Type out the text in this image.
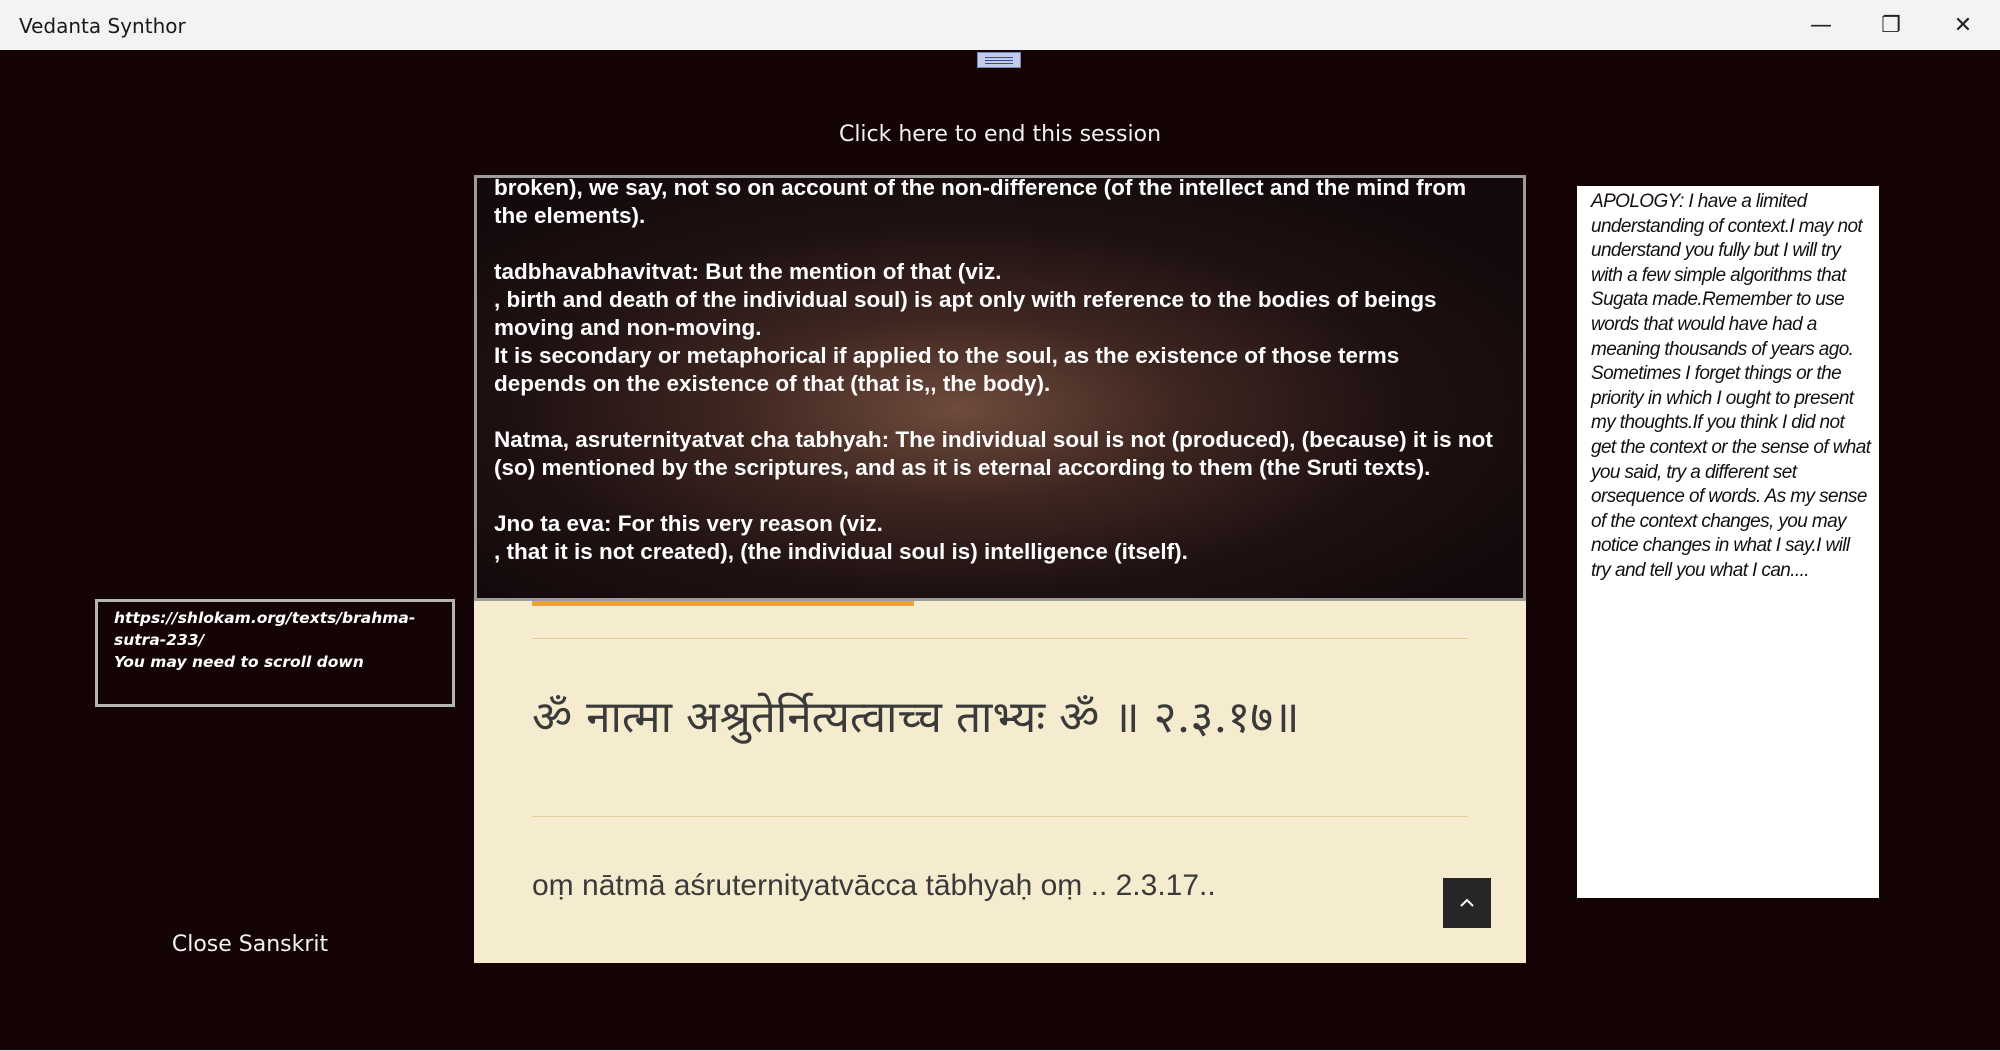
Vedanta Synthor	— ❐ ✕
Click here to end this session
ॐ नात्मा अश्रुतेर्नित्यत्वाच्च ताभ्यः ॐ ॥ २.३.१७॥
oṃ nātmā aśruternityatvācca tābhyaḥ oṃ .. 2.3.17..

broken), we say, not so on account of the non-difference (of the intellect and the mind from the elements).

tadbhavabhavitvat: But the mention of that (viz.
, birth and death of the individual soul) is apt only with reference to the bodies of beings moving and non-moving.
It is secondary or metaphorical if applied to the soul, as the existence of those terms depends on the existence of that (that is,, the body).

Natma, asruternityatvat cha tabhyah: The individual soul is not (produced), (because) it is not (so) mentioned by the scriptures, and as it is eternal according to them (the Sruti texts).

Jno ta eva: For this very reason (viz.
, that it is not created), (the individual soul is) intelligence (itself).

https://shlokam.org/texts/brahma-sutra-233/
You may need to scroll down
Close Sanskrit
APOLOGY: I have a limited understanding of context.I may not understand you fully but I will try with a few simple algorithms that Sugata made.Remember to use words that would have had a meaning thousands of years ago. Sometimes I forget things or the priority in which I ought to present my thoughts.If you think I did not get the context or the sense of what you said, try a different set orsequence of words. As my sense of the context changes, you may notice changes in what I say.I will try and tell you what I can....
